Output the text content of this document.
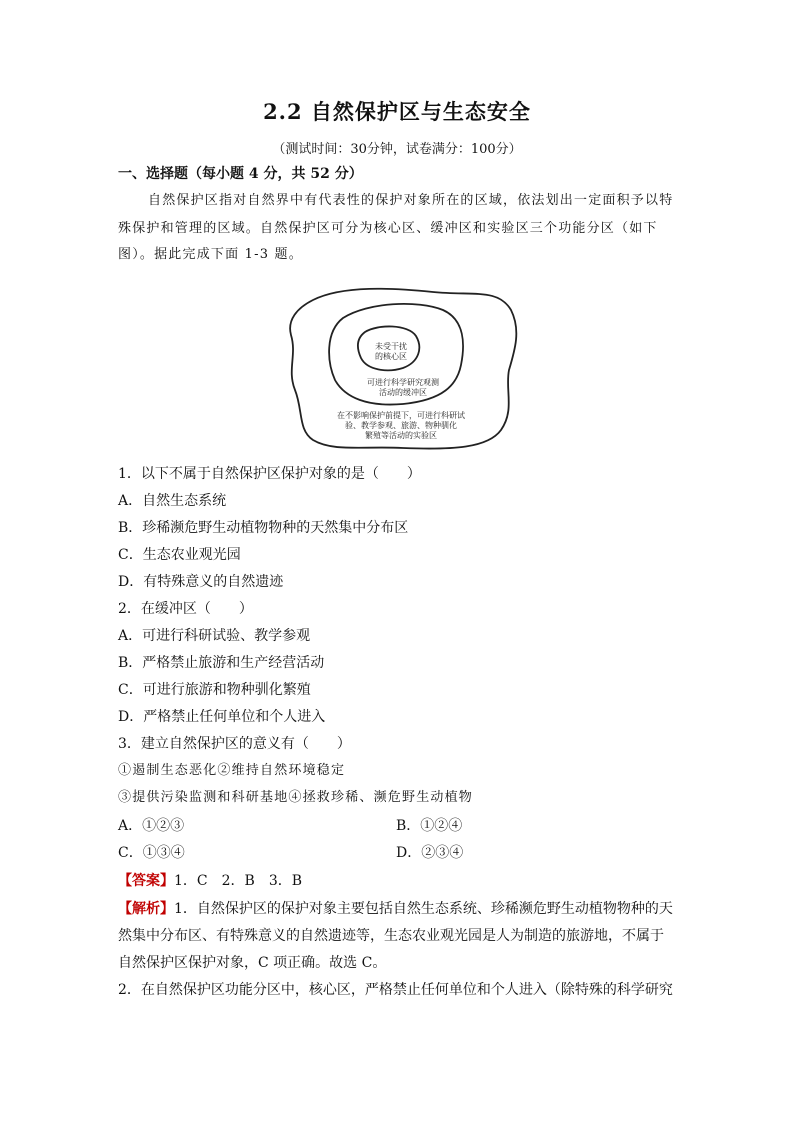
2.2 自然保护区与生态安全
（测试时间：30分钟，试卷满分：100分）
一、选择题（每小题 4 分，共 52 分）
自然保护区指对自然界中有代表性的保护对象所在的区域，依法划出一定面积予以特
殊保护和管理的区域。自然保护区可分为核心区、缓冲区和实验区三个功能分区（如下
图）。据此完成下面 1-3 题。
未受干扰
的核心区
可进行科学研究观测
活动的缓冲区
在不影响保护前提下，可进行科研试
验、教学参观、旅游、物种驯化
繁殖等活动的实验区
1．以下不属于自然保护区保护对象的是（　　）
A．自然生态系统
B．珍稀濒危野生动植物物种的天然集中分布区
C．生态农业观光园
D．有特殊意义的自然遗迹
2．在缓冲区（　　）
A．可进行科研试验、教学参观
B．严格禁止旅游和生产经营活动
C．可进行旅游和物种驯化繁殖
D．严格禁止任何单位和个人进入
3．建立自然保护区的意义有（　　）
①遏制生态恶化②维持自然环境稳定
③提供污染监测和科研基地④拯救珍稀、濒危野生动植物
A．①②③	B．①②④
C．①③④	D．②③④
【答案】1．C　2．B　3．B
【解析】1．自然保护区的保护对象主要包括自然生态系统、珍稀濒危野生动植物物种的天
然集中分布区、有特殊意义的自然遗迹等，生态农业观光园是人为制造的旅游地，不属于
自然保护区保护对象，C 项正确。故选 C。
2．在自然保护区功能分区中，核心区，严格禁止任何单位和个人进入（除特殊的科学研究
